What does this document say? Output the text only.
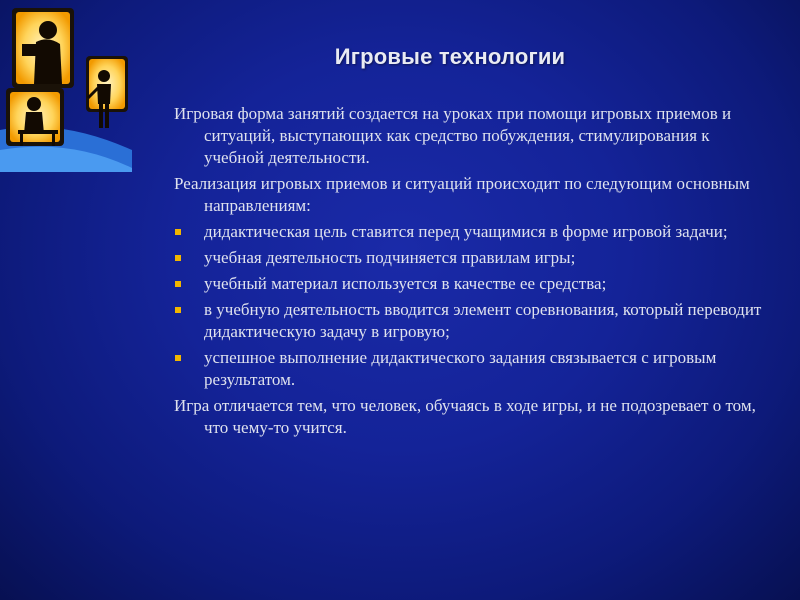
Игровые технологии

Игровая форма занятий создается на уроках при помощи игровых приемов и ситуаций, выступающих как средство побуждения, стимулирования к учебной деятельности.

Реализация игровых приемов и ситуаций происходит по следующим основным направлениям:

дидактическая цель ставится перед учащимися в форме игровой задачи;
учебная деятельность подчиняется правилам игры;
учебный материал используется в качестве ее средства;
в учебную деятельность вводится элемент соревнования, который переводит дидактическую задачу в игровую;
успешное выполнение дидактического задания связывается с игровым результатом.

Игра отличается тем, что человек, обучаясь в ходе игры, и не подозревает о том, что чему-то учится.
